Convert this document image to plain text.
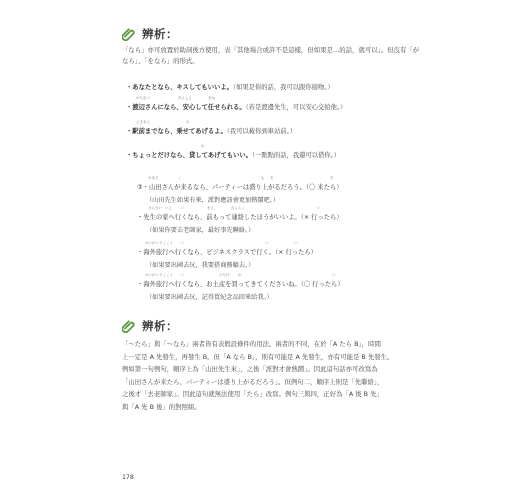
辨析：
「なら」亦可放置於助詞後方使用，表「其他場合或許不是這樣，但如果是…的話，就可以」。但沒有「がなら」、「をなら」的形式。
・あなたとなら、キスしてもいいよ。（如果是你的話，我可以跟你接吻。）
わたなべ	あんしん	まか
・渡辺さんになら、安心して任せられる。（若是渡邊先生，可以安心交給他。）
えきまえ	の
・駅前までなら、乗せてあげるよ。（我可以載你到車站前。）
か
・ちょっとだけなら、貸してあげてもいい。（一點點的話，我還可以借你。）
やまだ	く	も あ	き
③・山田さんが来るなら、パーティーは盛り上がるだろう。（〇 来たら）
（山田先生如果有來，派對應該會更加熱鬧吧。）
せんせい いえ	い	まえ	れんらく	い
・先生の家へ行くなら、前もって連絡したほうがいいよ。（× 行ったら）
（如果你要去老師家，最好事先聯絡。）
かいがいりょこう い	い	い
・海外旅行へ行くなら、ビジネスクラスで行く。（× 行ったら）
（如果要出國去玩，我要搭商務艙去。）
かいがいりょこう い	みやげ か	い
・海外旅行へ行くなら、お土産を買ってきてくださいね。（〇 行ったら）
（如果要出國去玩，記得買紀念品回來給我。）
辨析：
「～たら」與「～なら」兩者皆有表假設條件的用法。兩者的不同，在於「A たら B」，時間
上一定是 A 先發生，再發生 B。但「A なら B」，則有可能是 A 先發生，亦有可能是 B 先發生。
例如第一句例句，順序上為「山田先生來」，之後「派對才會熱鬧」。因此這句話亦可改寫為
「山田さんが来たら、パーティーは盛り上がるだろう」。但例句二，順序上則是「先聯絡」，
之後才「去老師家」。因此這句就無法使用「たら」改寫。例句三與四，正好為「A 後 B 先」
與「A 先 B 後」的對照組。
178
